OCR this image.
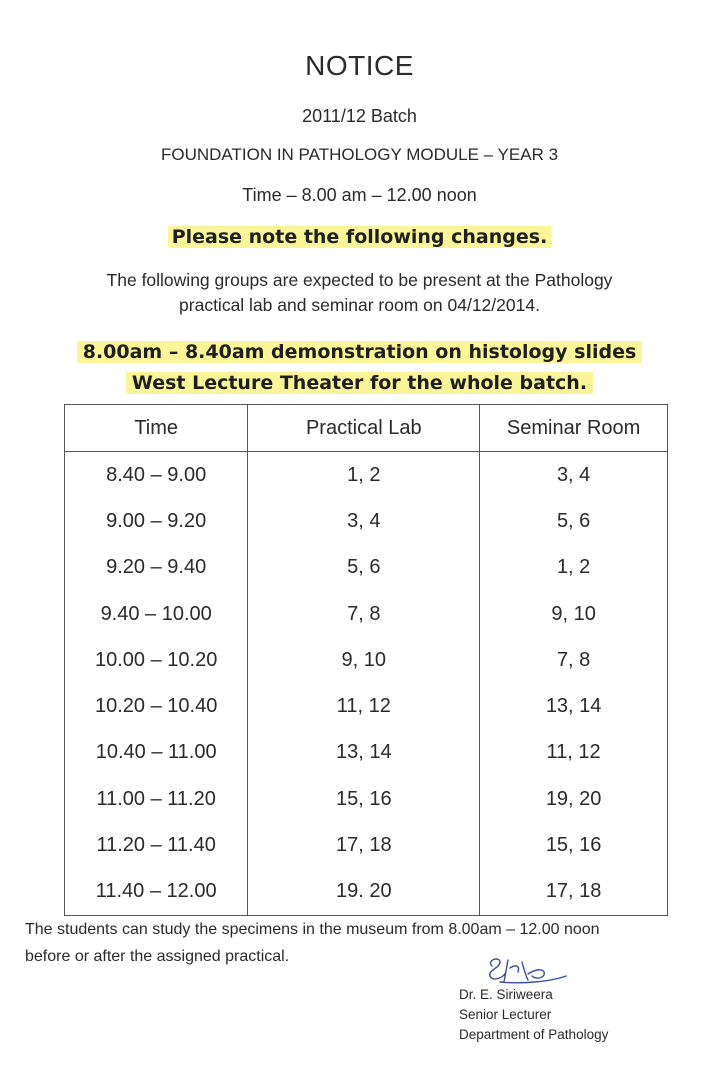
NOTICE
2011/12 Batch
FOUNDATION IN PATHOLOGY MODULE – YEAR 3
Time – 8.00 am – 12.00 noon
Please note the following changes.
The following groups are expected to be present at the Pathology
practical lab and seminar room on 04/12/2014.
8.00am – 8.40am demonstration on histology slides
West Lecture Theater for the whole batch.
Time	Practical Lab	Seminar Room
8.40 – 9.00	1, 2	3, 4
9.00 – 9.20	3, 4	5, 6
9.20 – 9.40	5, 6	1, 2
9.40 – 10.00	7, 8	9, 10
10.00 – 10.20	9, 10	7, 8
10.20 – 10.40	11, 12	13, 14
10.40 – 11.00	13, 14	11, 12
11.00 – 11.20	15, 16	19, 20
11.20 – 11.40	17, 18	15, 16
11.40 – 12.00	19. 20	17, 18
The students can study the specimens in the museum from 8.00am – 12.00 noon
before or after the assigned practical.
Dr. E. Siriweera
Senior Lecturer
Department of Pathology
